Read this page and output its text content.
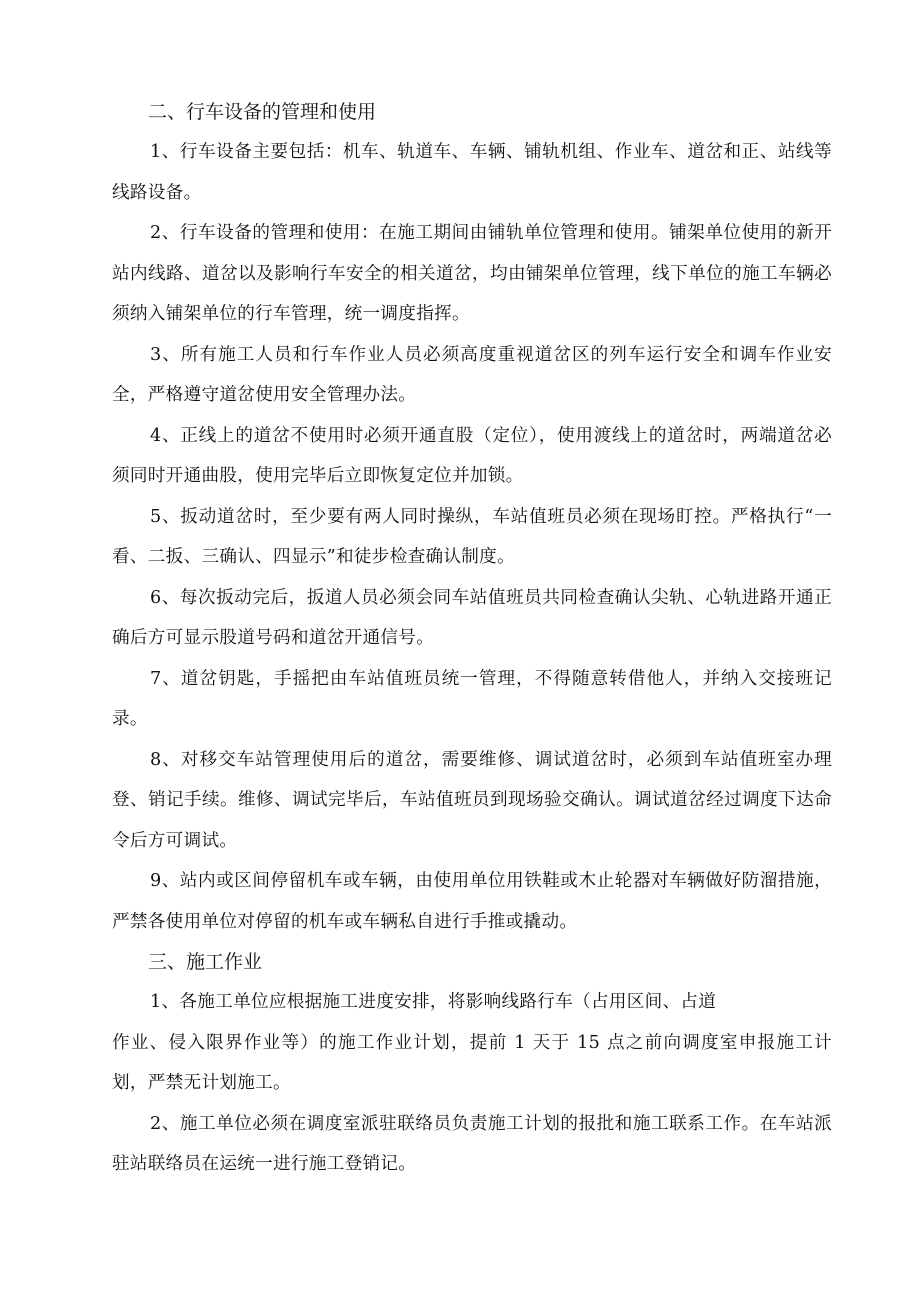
二、行车设备的管理和使用

1、行车设备主要包括：机车、轨道车、车辆、铺轨机组、作业车、道岔和正、站线等线路设备。

2、行车设备的管理和使用：在施工期间由铺轨单位管理和使用。铺架单位使用的新开站内线路、道岔以及影响行车安全的相关道岔，均由铺架单位管理，线下单位的施工车辆必须纳入铺架单位的行车管理，统一调度指挥。

3、所有施工人员和行车作业人员必须高度重视道岔区的列车运行安全和调车作业安全，严格遵守道岔使用安全管理办法。

4、正线上的道岔不使用时必须开通直股（定位），使用渡线上的道岔时，两端道岔必须同时开通曲股，使用完毕后立即恢复定位并加锁。

5、扳动道岔时，至少要有两人同时操纵，车站值班员必须在现场盯控。严格执行“一看、二扳、三确认、四显示”和徒步检查确认制度。

6、每次扳动完后，扳道人员必须会同车站值班员共同检查确认尖轨、心轨进路开通正确后方可显示股道号码和道岔开通信号。

7、道岔钥匙，手摇把由车站值班员统一管理，不得随意转借他人，并纳入交接班记录。

8、对移交车站管理使用后的道岔，需要维修、调试道岔时，必须到车站值班室办理登、销记手续。维修、调试完毕后，车站值班员到现场验交确认。调试道岔经过调度下达命令后方可调试。

9、站内或区间停留机车或车辆，由使用单位用铁鞋或木止轮器对车辆做好防溜措施，严禁各使用单位对停留的机车或车辆私自进行手推或撬动。

三、施工作业

1、各施工单位应根据施工进度安排，将影响线路行车（占用区间、占道

作业、侵入限界作业等）的施工作业计划，提前 1 天于 15 点之前向调度室申报施工计划，严禁无计划施工。

2、施工单位必须在调度室派驻联络员负责施工计划的报批和施工联系工作。在车站派驻站联络员在运统一进行施工登销记。
